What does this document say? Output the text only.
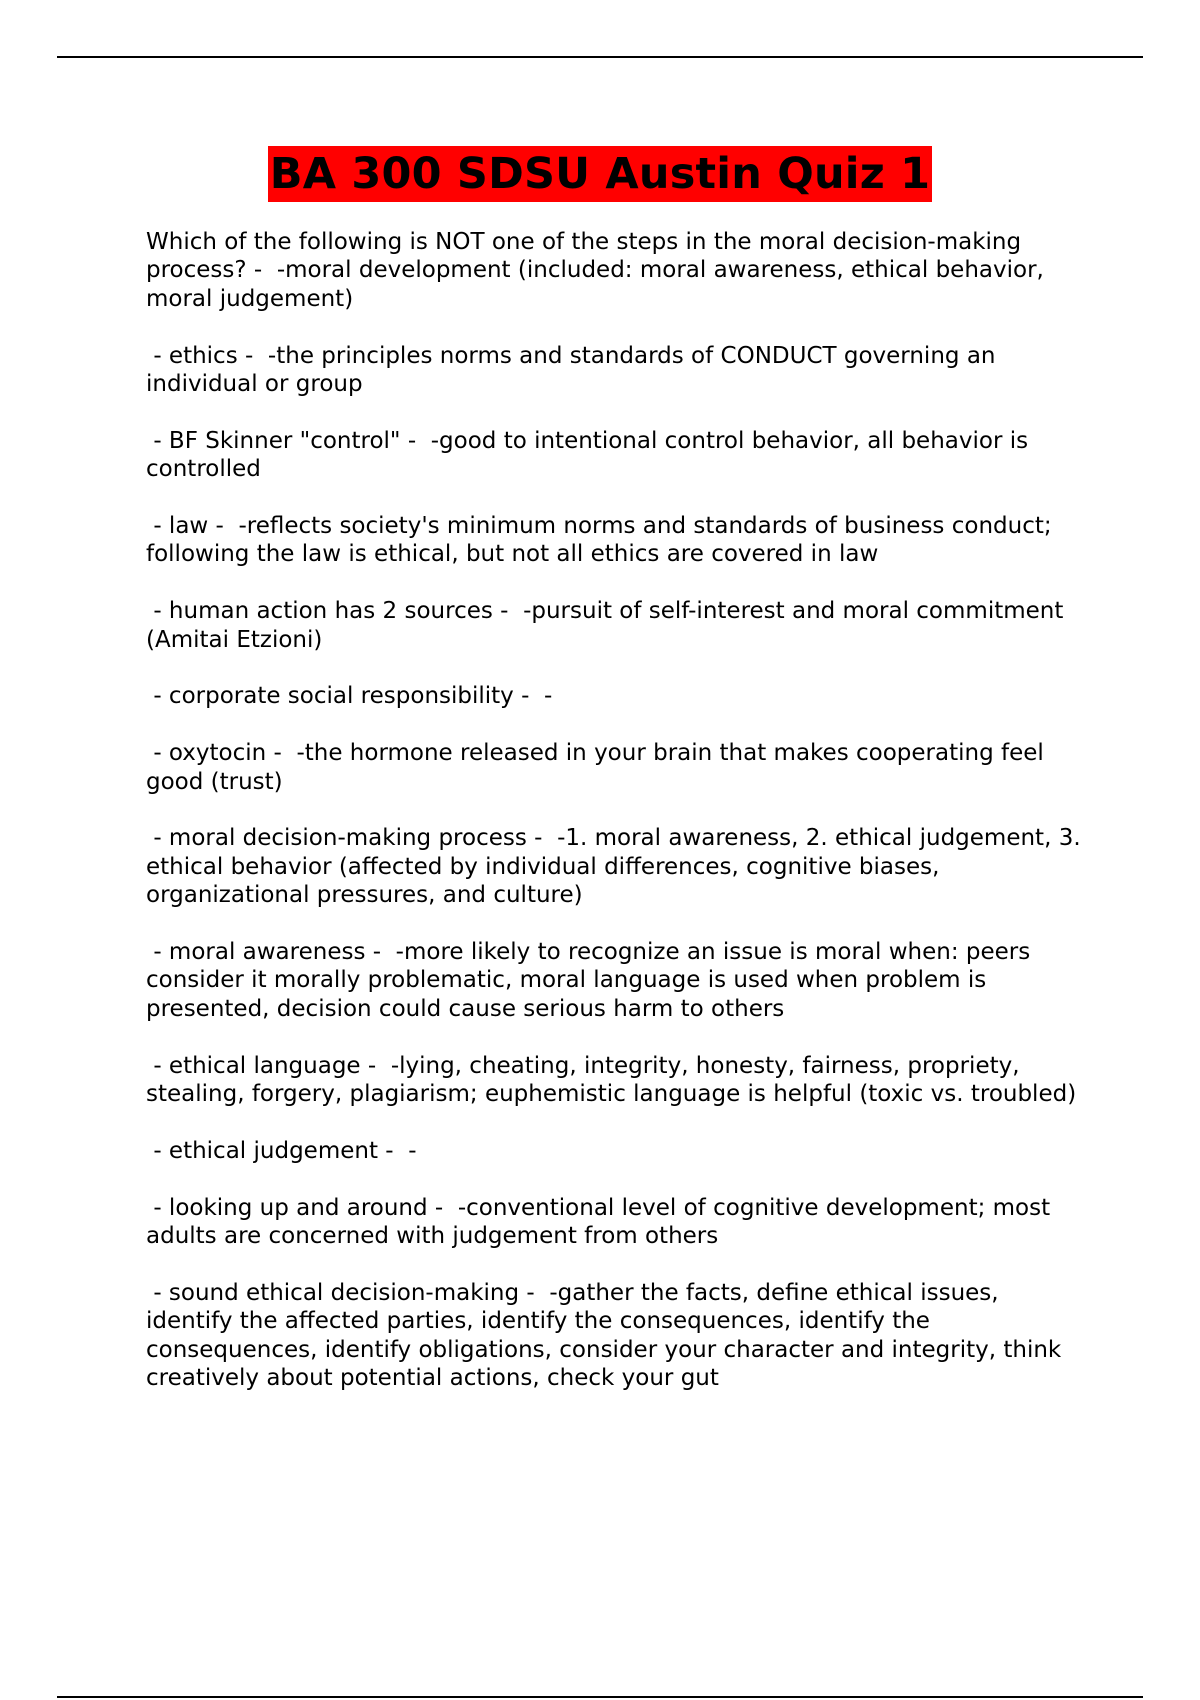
BA 300 SDSU Austin Quiz 1

Which of the following is NOT one of the steps in the moral decision-making process? -  -moral development (included: moral awareness, ethical behavior, moral judgement)

- ethics -  -the principles norms and standards of CONDUCT governing an individual or group

- BF Skinner "control" -  -good to intentional control behavior, all behavior is controlled

- law -  -reflects society's minimum norms and standards of business conduct; following the law is ethical, but not all ethics are covered in law

- human action has 2 sources -  -pursuit of self-interest and moral commitment (Amitai Etzioni)

- corporate social responsibility -  -

- oxytocin -  -the hormone released in your brain that makes cooperating feel good (trust)

- moral decision-making process -  -1. moral awareness, 2. ethical judgement, 3. ethical behavior (affected by individual differences, cognitive biases, organizational pressures, and culture)

- moral awareness -  -more likely to recognize an issue is moral when: peers consider it morally problematic, moral language is used when problem is presented, decision could cause serious harm to others

- ethical language -  -lying, cheating, integrity, honesty, fairness, propriety, stealing, forgery, plagiarism; euphemistic language is helpful (toxic vs. troubled)

- ethical judgement -  -

- looking up and around -  -conventional level of cognitive development; most adults are concerned with judgement from others

- sound ethical decision-making -  -gather the facts, define ethical issues, identify the affected parties, identify the consequences, identify the consequences, identify obligations, consider your character and integrity, think creatively about potential actions, check your gut
